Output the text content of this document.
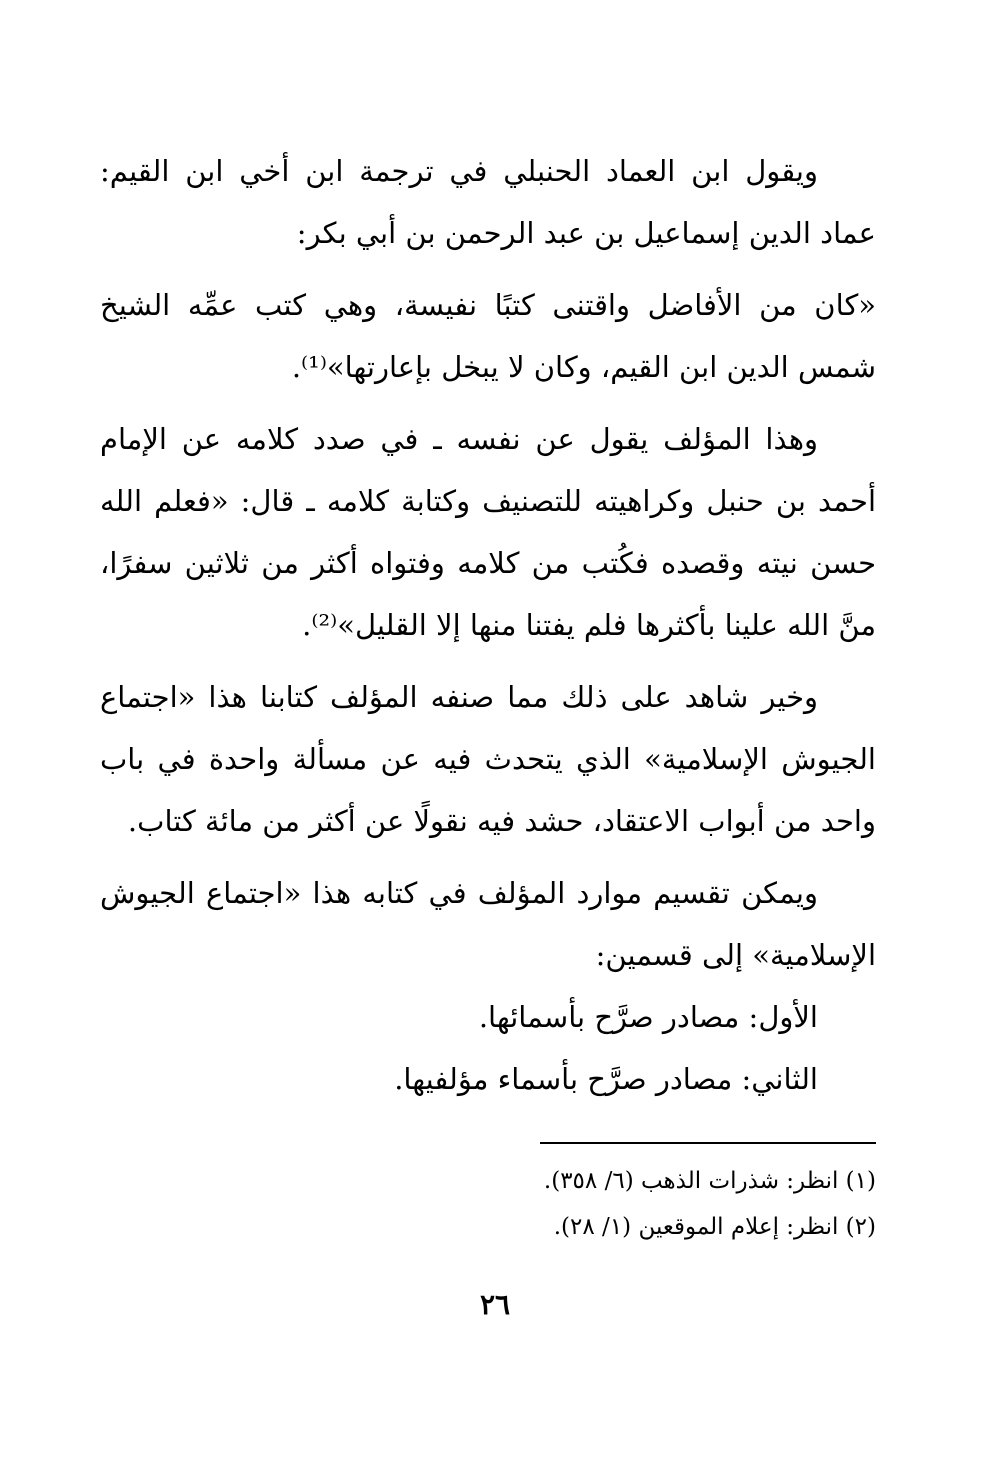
ويقول ابن العماد الحنبلي في ترجمة ابن أخي ابن القيم: عماد الدين إسماعيل بن عبد الرحمن بن أبي بكر:

«كان من الأفاضل واقتنى كتبًا نفيسة، وهي كتب عمِّه الشيخ شمس الدين ابن القيم، وكان لا يبخل بإعارتها»⁽¹⁾.

وهذا المؤلف يقول عن نفسه ـ في صدد كلامه عن الإمام أحمد بن حنبل وكراهيته للتصنيف وكتابة كلامه ـ قال: «فعلم الله حسن نيته وقصده فكُتب من كلامه وفتواه أكثر من ثلاثين سفرًا، منَّ الله علينا بأكثرها فلم يفتنا منها إلا القليل»⁽²⁾.

وخير شاهد على ذلك مما صنفه المؤلف كتابنا هذا «اجتماع الجيوش الإسلامية» الذي يتحدث فيه عن مسألة واحدة في باب واحد من أبواب الاعتقاد، حشد فيه نقولًا عن أكثر من مائة كتاب.

ويمكن تقسيم موارد المؤلف في كتابه هذا «اجتماع الجيوش الإسلامية» إلى قسمين:

الأول: مصادر صرَّح بأسمائها.

الثاني: مصادر صرَّح بأسماء مؤلفيها.

(١) انظر: شذرات الذهب (٦/ ٣٥٨).

(٢) انظر: إعلام الموقعين (١/ ٢٨).

٢٦
